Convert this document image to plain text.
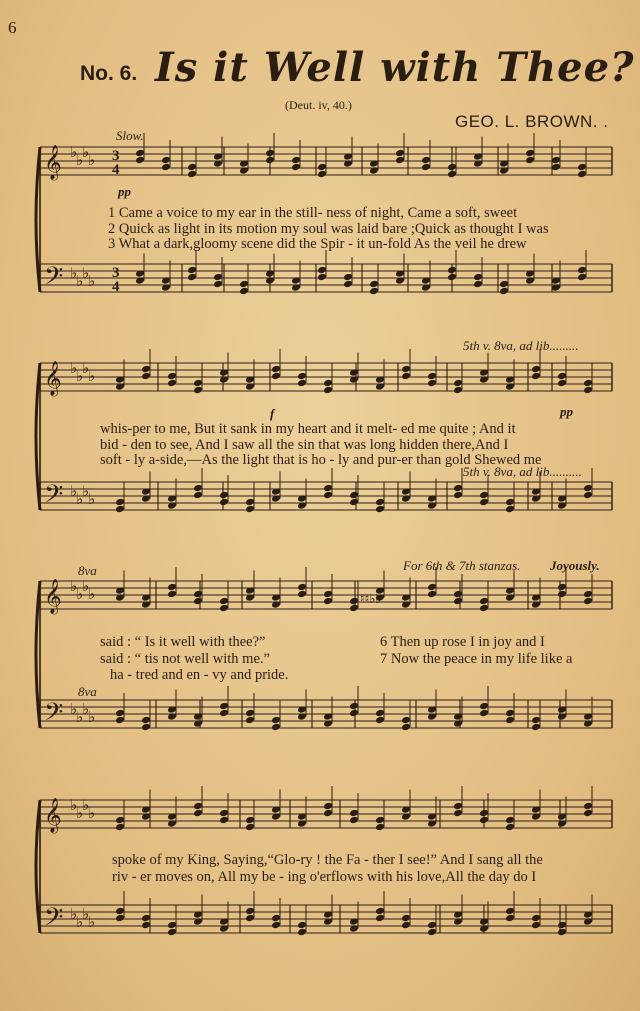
6
No. 6. Is it Well with Thee?
(Deut. iv, 40.)
GEO. L. BROWN. .
𝄞
𝄢
♭
♭
♭
♭
♭
♭
♭
♭
3
4
3
4
𝄞
𝄢
♭
♭
♭
♭
♭
♭
♭
♭
𝄞
𝄢
♭
♭
♭
♭
♭
♭
♭
♭
𝄞
𝄢
♭
♭
♭
♭
♭
♭
♭
♭
♮♮♭♭
Slow.
pp
1 Came a voice to my ear in the still- ness of night, Came a soft, sweet
2 Quick as light in its motion my soul was laid bare ;Quick as thought I was
3 What a dark,gloomy scene did the Spir - it un-fold As the veil he drew
5th v. 8va, ad lib.........
pp
f
whis-per to me, But it sank in my heart and it melt- ed me quite ; And it
bid - den to see, And I saw all the sin that was long hidden there,And I
soft - ly a-side,—As the light that is ho - ly and pur-er than gold Shewed me
5th v. 8va, ad lib..........
8va	For 6th & 7th stanzas. Joyously.
said : “ Is it well with thee?”
said : “ tis not well with me.”
ha - tred and en - vy and pride.
6 Then up rose I in joy and I
7 Now the peace in my life like a
8va
spoke of my King, Saying,“Glo-ry ! the Fa - ther I see!” And I sang all the
riv - er moves on, All my be - ing o'erflows with his love,All the day do I
